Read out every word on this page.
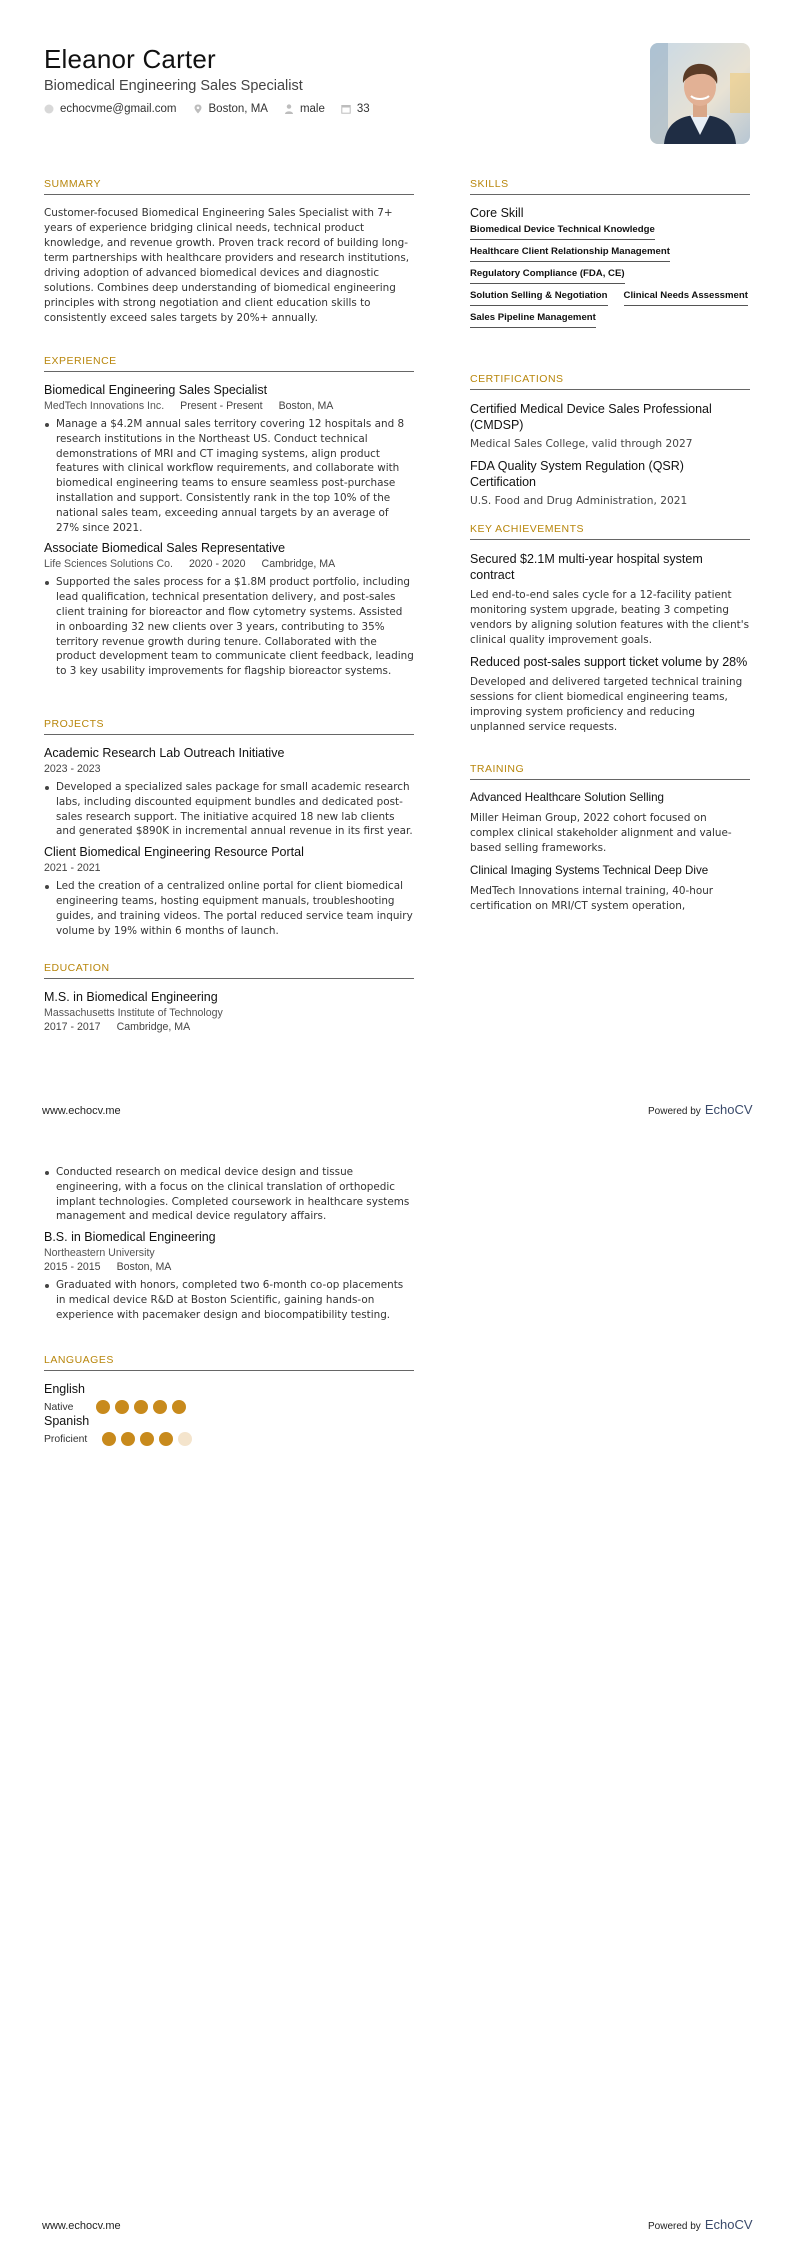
Eleanor Carter
Biomedical Engineering Sales Specialist
echocvme@gmail.com	Boston, MA	male	33
SUMMARY
Customer-focused Biomedical Engineering Sales Specialist with 7+ years of experience bridging clinical needs, technical product knowledge, and revenue growth. Proven track record of building long-term partnerships with healthcare providers and research institutions, driving adoption of advanced biomedical devices and diagnostic solutions. Combines deep understanding of biomedical engineering principles with strong negotiation and client education skills to consistently exceed sales targets by 20%+ annually.
EXPERIENCE
Biomedical Engineering Sales Specialist
MedTech Innovations Inc. Present - Present Boston, MA
Manage a $4.2M annual sales territory covering 12 hospitals and 8 research institutions in the Northeast US. Conduct technical demonstrations of MRI and CT imaging systems, align product features with clinical workflow requirements, and collaborate with biomedical engineering teams to ensure seamless post-purchase installation and support. Consistently rank in the top 10% of the national sales team, exceeding annual targets by an average of 27% since 2021.
Associate Biomedical Sales Representative
Life Sciences Solutions Co. 2020 - 2020 Cambridge, MA
Supported the sales process for a $1.8M product portfolio, including lead qualification, technical presentation delivery, and post-sales client training for bioreactor and flow cytometry systems. Assisted in onboarding 32 new clients over 3 years, contributing to 35% territory revenue growth during tenure. Collaborated with the product development team to communicate client feedback, leading to 3 key usability improvements for flagship bioreactor systems.
PROJECTS
Academic Research Lab Outreach Initiative
2023 - 2023
Developed a specialized sales package for small academic research labs, including discounted equipment bundles and dedicated post-sales research support. The initiative acquired 18 new lab clients and generated $890K in incremental annual revenue in its first year.
Client Biomedical Engineering Resource Portal
2021 - 2021
Led the creation of a centralized online portal for client biomedical engineering teams, hosting equipment manuals, troubleshooting guides, and training videos. The portal reduced service team inquiry volume by 19% within 6 months of launch.
EDUCATION
M.S. in Biomedical Engineering
Massachusetts Institute of Technology
2017 - 2017 Cambridge, MA
SKILLS
Core Skill
Biomedical Device Technical Knowledge
Healthcare Client Relationship Management
Regulatory Compliance (FDA, CE)
Solution Selling & Negotiation Clinical Needs Assessment
Sales Pipeline Management
CERTIFICATIONS
Certified Medical Device Sales Professional (CMDSP)
Medical Sales College, valid through 2027
FDA Quality System Regulation (QSR) Certification
U.S. Food and Drug Administration, 2021
KEY ACHIEVEMENTS
Secured $2.1M multi-year hospital system contract
Led end-to-end sales cycle for a 12-facility patient monitoring system upgrade, beating 3 competing vendors by aligning solution features with the client's clinical quality improvement goals.
Reduced post-sales support ticket volume by 28%
Developed and delivered targeted technical training sessions for client biomedical engineering teams, improving system proficiency and reducing unplanned service requests.
TRAINING
Advanced Healthcare Solution Selling
Miller Heiman Group, 2022 cohort focused on complex clinical stakeholder alignment and value-based selling frameworks.
Clinical Imaging Systems Technical Deep Dive
MedTech Innovations internal training, 40-hour certification on MRI/CT system operation,
www.echocv.me	Powered by EchoCV
Conducted research on medical device design and tissue engineering, with a focus on the clinical translation of orthopedic implant technologies. Completed coursework in healthcare systems management and medical device regulatory affairs.
B.S. in Biomedical Engineering
Northeastern University
2015 - 2015 Boston, MA
Graduated with honors, completed two 6-month co-op placements in medical device R&D at Boston Scientific, gaining hands-on experience with pacemaker design and biocompatibility testing.
LANGUAGES
English
Native

Spanish
Proficient
www.echocv.me	Powered by EchoCV
